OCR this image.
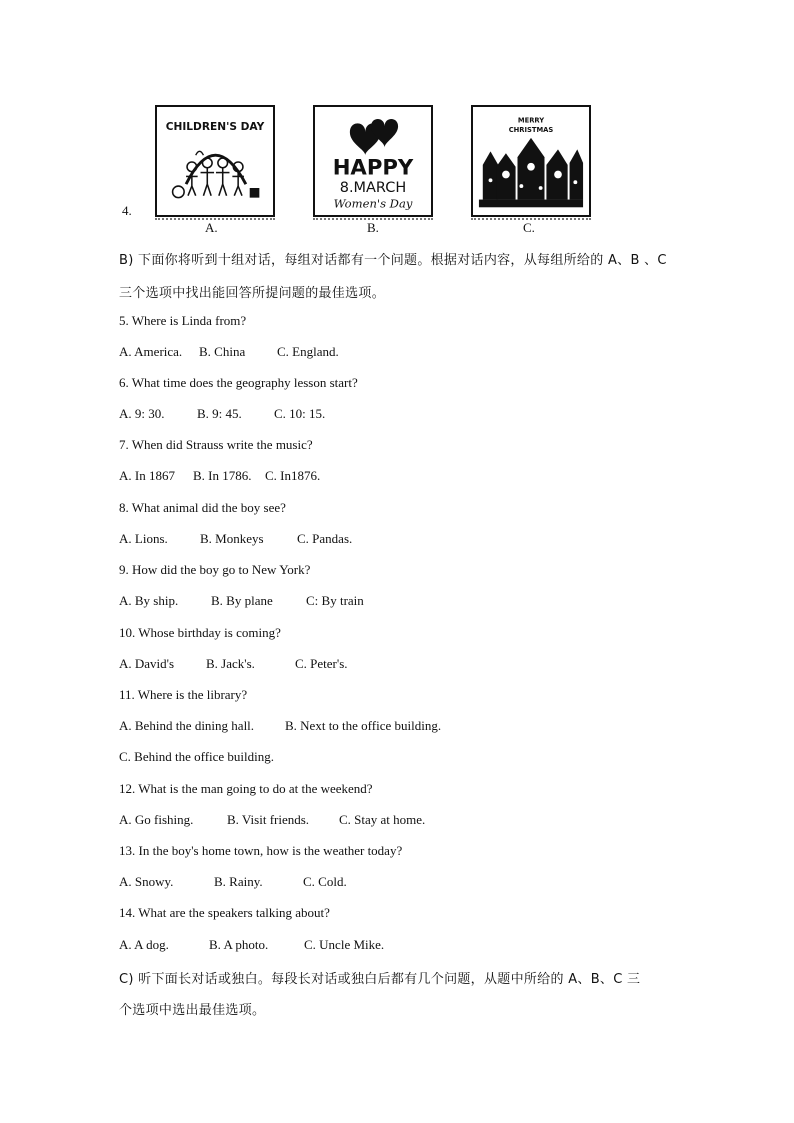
4.
CHILDREN'S DAY
A.
HAPPY
8.MARCH
Women's Day
B.
MERRY
CHRISTMAS
C.
B) 下面你将听到十组对话，每组对话都有一个问题。根据对话内容，从每组所给的 A、B 、C
三个选项中找出能回答所提问题的最佳选项。
5. Where is Linda from?
A. America. B. China C. England.
6. What time does the geography lesson start?
A. 9: 30.	B. 9: 45. C. 10: 15.
7. When did Strauss write the music?
A. In 1867 B. In 1786. C. In1876.
8. What animal did the boy see?
A. Lions. B. Monkeys	C. Pandas.
9. How did the boy go to New York?
A. By ship.	B. By plane	C: By train
10. Whose birthday is coming?
A. David's B. Jack's.	C. Peter's.
11. Where is the library?
A. Behind the dining hall. B. Next to the office building.
C. Behind the office building.
12. What is the man going to do at the weekend?
A. Go fishing.	B. Visit friends. C. Stay at home.
13. In the boy's home town, how is the weather today?
A. Snowy.	B. Rainy.	C. Cold.
14. What are the speakers talking about?
A. A dog.	B. A photo.	C. Uncle Mike.
C) 听下面长对话或独白。每段长对话或独白后都有几个问题，从题中所给的 A、B、C 三
个选项中选出最佳选项。
